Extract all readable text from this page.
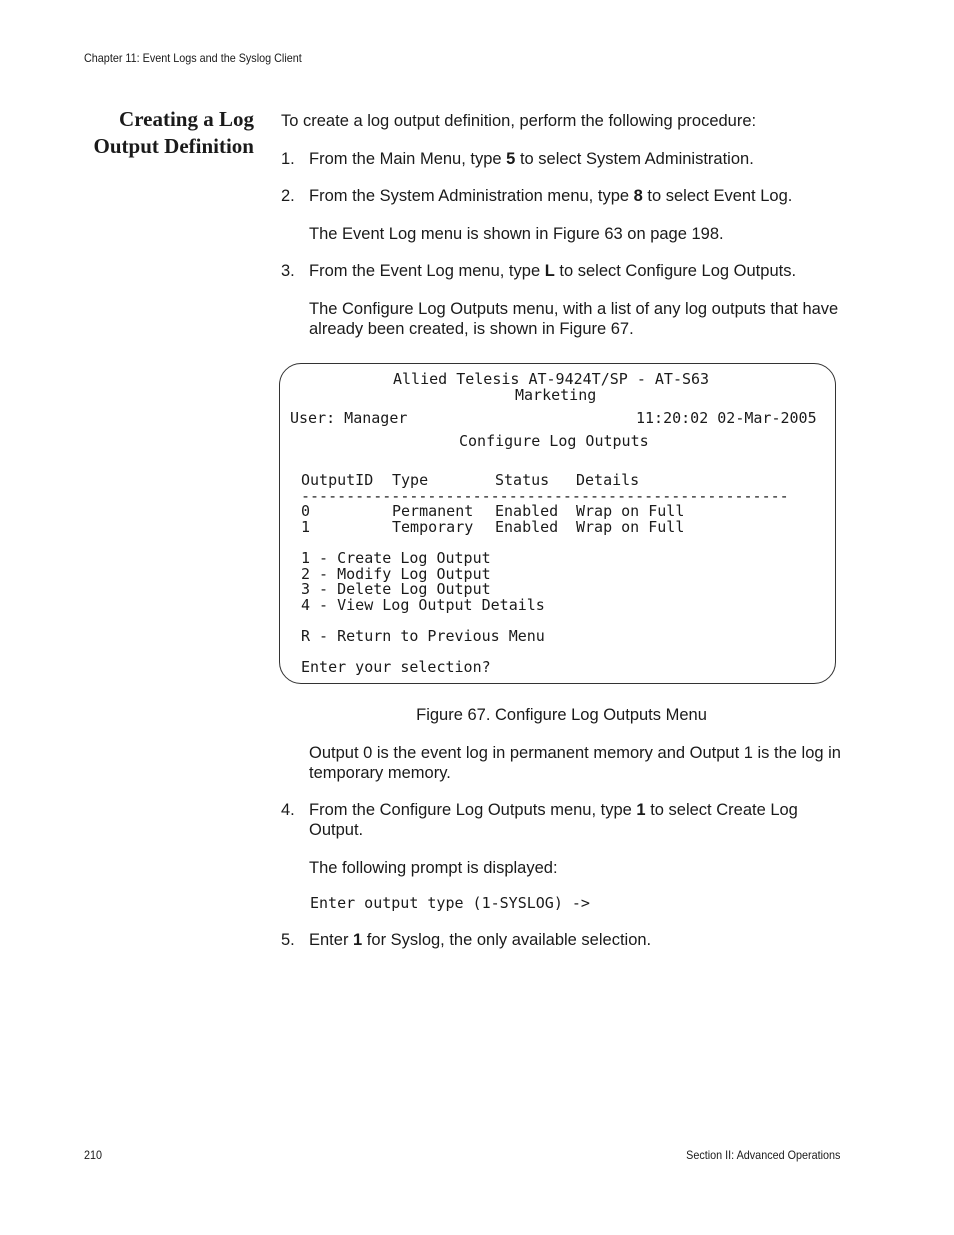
Chapter 11: Event Logs and the Syslog Client
Creating a Log
Output Definition
To create a log output definition, perform the following procedure:
1. From the Main Menu, type 5 to select System Administration.
2. From the System Administration menu, type 8 to select Event Log.
The Event Log menu is shown in Figure 63 on page 198.
3. From the Event Log menu, type L to select Configure Log Outputs.
The Configure Log Outputs menu, with a list of any log outputs that have already been created, is shown in Figure 67.
Allied Telesis AT-9424T/SP - AT-S63
Marketing
User: Manager	11:20:02 02-Mar-2005
Configure Log Outputs
OutputID Type	Status Details
------------------------------------------------------
0	Permanent Enabled Wrap on Full
1	Temporary Enabled Wrap on Full
1 - Create Log Output
2 - Modify Log Output
3 - Delete Log Output
4 - View Log Output Details
R - Return to Previous Menu
Enter your selection?
Figure 67. Configure Log Outputs Menu
Output 0 is the event log in permanent memory and Output 1 is the log in temporary memory.
4. From the Configure Log Outputs menu, type 1 to select Create Log Output.
The following prompt is displayed:
Enter output type (1-SYSLOG) ->
5. Enter 1 for Syslog, the only available selection.
210	Section II: Advanced Operations
